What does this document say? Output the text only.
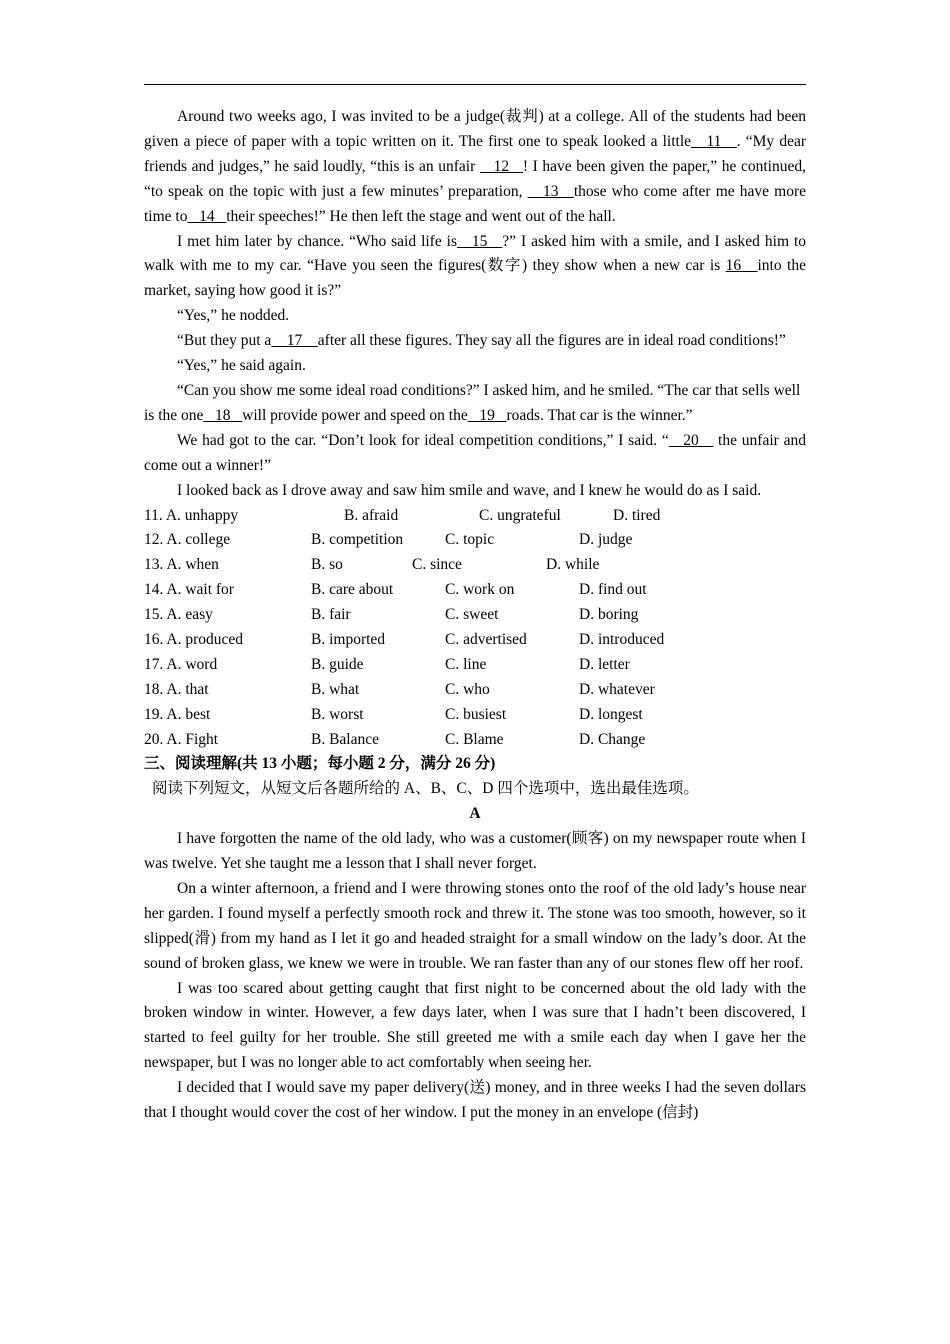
Around two weeks ago, I was invited to be a judge(裁判) at a college. All of the students had been given a piece of paper with a topic written on it. The first one to speak looked a little   11   . “My dear friends and judges,” he said loudly, “this is an unfair    12   ! I have been given the paper,” he continued, “to speak on the topic with just a few minutes’ preparation,    13   those who come after me have more time to   14   their speeches!” He then left the stage and went out of the hall.

I met him later by chance. “Who said life is   15   ?” I asked him with a smile, and I asked him to walk with me to my car. “Have you seen the figures(数字) they show when a new car is 16   into the market, saying how good it is?”

“Yes,” he nodded.

“But they put a    17    after all these figures. They say all the figures are in ideal road conditions!”

“Yes,” he said again.

“Can you show me some ideal road conditions?” I asked him, and he smiled. “The car that sells well is the one   18   will provide power and speed on the   19   roads. That car is the winner.”

We had got to the car. “Don’t look for ideal competition conditions,” I said. “   20    the unfair and come out a winner!”

I looked back as I drove away and saw him smile and wave, and I knew he would do as I said.

11. A. unhappy	B. afraid	C. ungrateful	D. tired
12. A. college	B. competition	C. topic	D. judge
13. A. when	B. so	C. since	D. while
14. A. wait for	B. care about	C. work on	D. find out
15. A. easy	B. fair	C. sweet	D. boring
16. A. produced	B. imported	C. advertised	D. introduced
17. A. word	B. guide	C. line	D. letter
18. A. that	B. what	C. who	D. whatever
19. A. best	B. worst	C. busiest	D. longest
20. A. Fight	B. Balance	C. Blame	D. Change

三、阅读理解(共 13 小题；每小题 2 分，满分 26 分)

阅读下列短文，从短文后各题所给的 A、B、C、D 四个选项中，选出最佳选项。

A

I have forgotten the name of the old lady, who was a customer(顾客) on my newspaper route when I was twelve. Yet she taught me a lesson that I shall never forget.

On a winter afternoon, a friend and I were throwing stones onto the roof of the old lady’s house near her garden. I found myself a perfectly smooth rock and threw it. The stone was too smooth, however, so it slipped(滑) from my hand as I let it go and headed straight for a small window on the lady’s door. At the sound of broken glass, we knew we were in trouble. We ran faster than any of our stones flew off her roof.

I was too scared about getting caught that first night to be concerned about the old lady with the broken window in winter. However, a few days later, when I was sure that I hadn’t been discovered, I started to feel guilty for her trouble. She still greeted me with a smile each day when I gave her the newspaper, but I was no longer able to act comfortably when seeing her.

I decided that I would save my paper delivery(送) money, and in three weeks I had the seven dollars that I thought would cover the cost of her window. I put the money in an envelope (信封)
